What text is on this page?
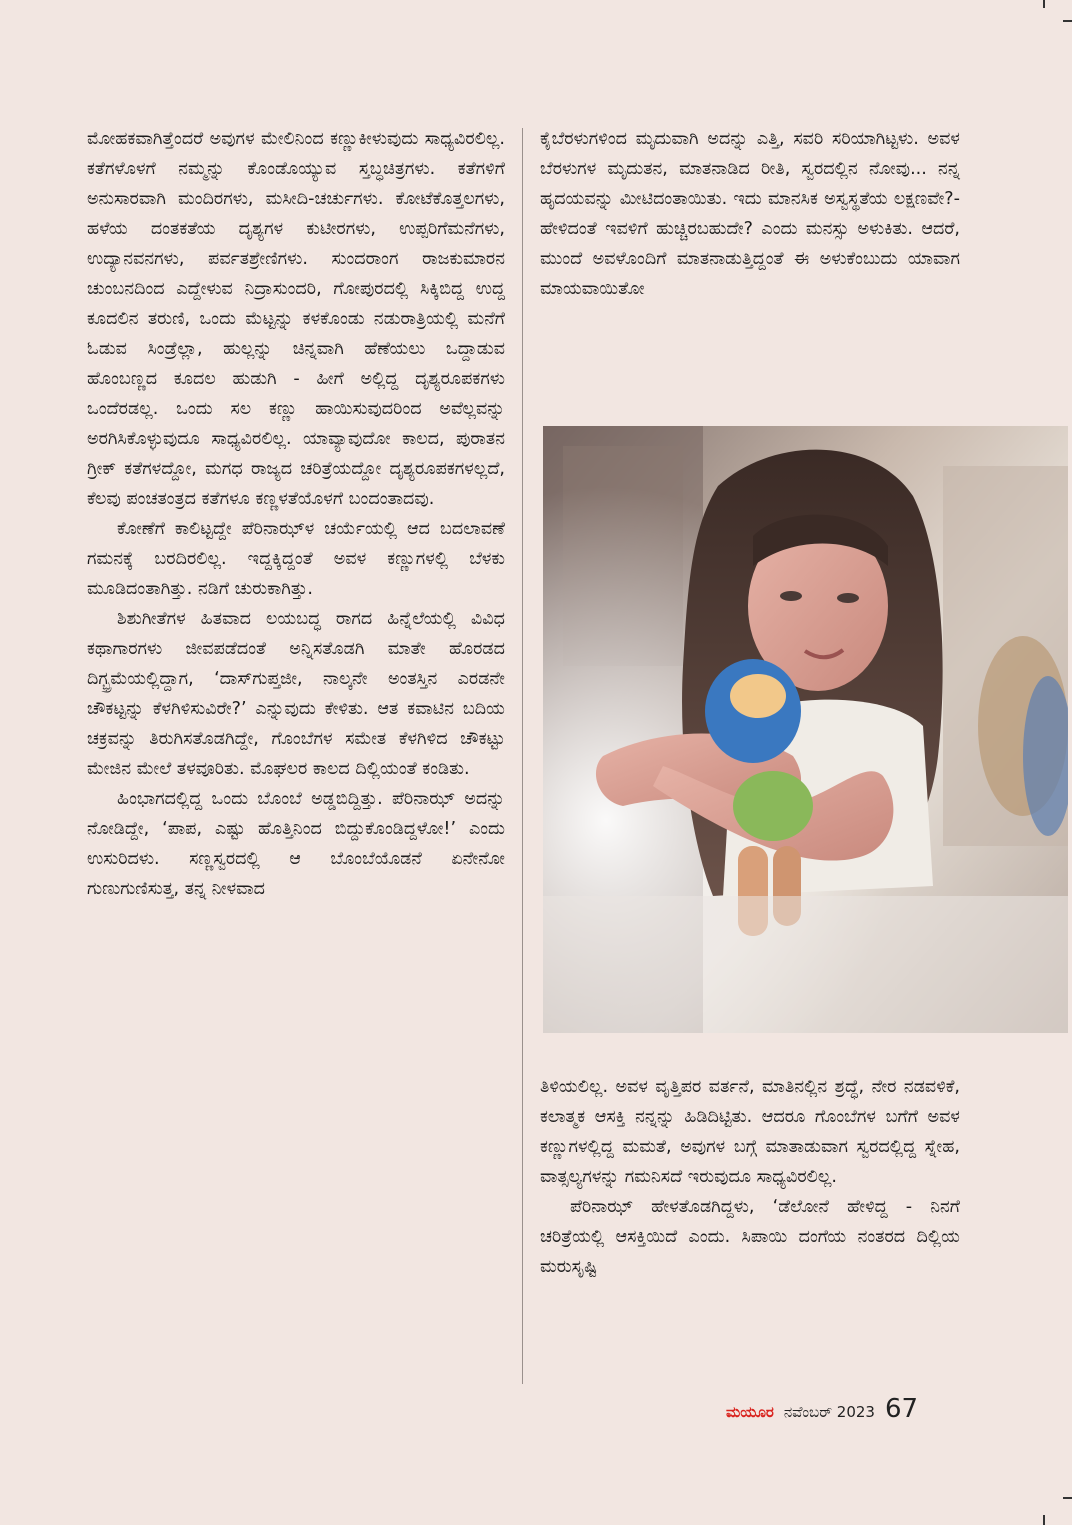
ಮೋಹಕವಾಗಿತ್ತೆಂದರೆ ಅವುಗಳ ಮೇಲಿನಿಂದ ಕಣ್ಣುಕೀಳುವುದು ಸಾಧ್ಯವಿರಲಿಲ್ಲ. ಕತೆಗಳೊಳಗೆ ನಮ್ಮನ್ನು ಕೊಂಡೊಯ್ಯುವ ಸ್ತಬ್ಧಚಿತ್ರಗಳು. ಕತೆಗಳಿಗೆ ಅನುಸಾರವಾಗಿ ಮಂದಿರಗಳು, ಮಸೀದಿ-ಚರ್ಚುಗಳು. ಕೋಟೆಕೊತ್ತಲಗಳು, ಹಳೆಯ ದಂತಕತೆಯ ದೃಶ್ಯಗಳ ಕುಟೀರಗಳು, ಉಪ್ಪರಿಗೆಮನೆಗಳು, ಉದ್ಯಾನವನಗಳು, ಪರ್ವತಶ್ರೇಣಿಗಳು. ಸುಂದರಾಂಗ ರಾಜಕುಮಾರನ ಚುಂಬನದಿಂದ ಎದ್ದೇಳುವ ನಿದ್ರಾಸುಂದರಿ, ಗೋಪುರದಲ್ಲಿ ಸಿಕ್ಕಿಬಿದ್ದ ಉದ್ದ ಕೂದಲಿನ ತರುಣಿ, ಒಂದು ಮೆಟ್ಟನ್ನು ಕಳಕೊಂಡು ನಡುರಾತ್ರಿಯಲ್ಲಿ ಮನೆಗೆ ಓಡುವ ಸಿಂಡ್ರೆಲ್ಲಾ, ಹುಲ್ಲನ್ನು ಚಿನ್ನವಾಗಿ ಹೆಣೆಯಲು ಒದ್ದಾಡುವ ಹೊಂಬಣ್ಣದ ಕೂದಲ ಹುಡುಗಿ - ಹೀಗೆ ಅಲ್ಲಿದ್ದ ದೃಶ್ಯರೂಪಕಗಳು ಒಂದೆರಡಲ್ಲ. ಒಂದು ಸಲ ಕಣ್ಣು ಹಾಯಿಸುವುದರಿಂದ ಅವೆಲ್ಲವನ್ನು ಅರಗಿಸಿಕೊಳ್ಳುವುದೂ ಸಾಧ್ಯವಿರಲಿಲ್ಲ. ಯಾವ್ಯಾವುದೋ ಕಾಲದ, ಪುರಾತನ ಗ್ರೀಕ್ ಕತೆಗಳದ್ದೋ, ಮಗಧ ರಾಜ್ಯದ ಚರಿತ್ರೆಯದ್ದೋ ದೃಶ್ಯರೂಪಕಗಳಲ್ಲದೆ, ಕೆಲವು ಪಂಚತಂತ್ರದ ಕತೆಗಳೂ ಕಣ್ಣಳತೆಯೊಳಗೆ ಬಂದಂತಾದವು.

ಕೋಣೆಗೆ ಕಾಲಿಟ್ಟದ್ದೇ ಪೆರಿನಾಝ್‌ಳ ಚರ್ಯೆಯಲ್ಲಿ ಆದ ಬದಲಾವಣೆ ಗಮನಕ್ಕೆ ಬರದಿರಲಿಲ್ಲ. ಇದ್ದಕ್ಕಿದ್ದಂತೆ ಅವಳ ಕಣ್ಣುಗಳಲ್ಲಿ ಬೆಳಕು ಮೂಡಿದಂತಾಗಿತ್ತು. ನಡಿಗೆ ಚುರುಕಾಗಿತ್ತು.

ಶಿಶುಗೀತೆಗಳ ಹಿತವಾದ ಲಯಬದ್ಧ ರಾಗದ ಹಿನ್ನೆಲೆಯಲ್ಲಿ ವಿವಿಧ ಕಥಾಗಾರಗಳು ಜೀವಪಡೆದಂತೆ ಅನ್ನಿಸತೊಡಗಿ ಮಾತೇ ಹೊರಡದ ದಿಗ್ಭ್ರಮೆಯಲ್ಲಿದ್ದಾಗ, ‘ದಾಸ್‌ಗುಪ್ತಜೀ, ನಾಲ್ಕನೇ ಅಂತಸ್ತಿನ ಎರಡನೇ ಚೌಕಟ್ಟನ್ನು ಕೆಳಗಿಳಿಸುವಿರೇ?’ ಎನ್ನುವುದು ಕೇಳಿತು. ಆತ ಕವಾಟಿನ ಬದಿಯ ಚಕ್ರವನ್ನು ತಿರುಗಿಸತೊಡಗಿದ್ದೇ, ಗೊಂಬೆಗಳ ಸಮೇತ ಕೆಳಗಿಳಿದ ಚೌಕಟ್ಟು ಮೇಜಿನ ಮೇಲೆ ತಳವೂರಿತು. ಮೊಘಲರ ಕಾಲದ ದಿಲ್ಲಿಯಂತೆ ಕಂಡಿತು.

ಹಿಂಭಾಗದಲ್ಲಿದ್ದ ಒಂದು ಬೊಂಬೆ ಅಡ್ಡಬಿದ್ದಿತ್ತು. ಪೆರಿನಾಝ್ ಅದನ್ನು ನೋಡಿದ್ದೇ, ‘ಪಾಪ, ಎಷ್ಟು ಹೊತ್ತಿನಿಂದ ಬಿದ್ದುಕೊಂಡಿದ್ದಳೋ!’ ಎಂದು ಉಸುರಿದಳು. ಸಣ್ಣಸ್ವರದಲ್ಲಿ ಆ ಬೊಂಬೆಯೊಡನೆ ಏನೇನೋ ಗುಣುಗುಣಿಸುತ್ತ, ತನ್ನ ನೀಳವಾದ

ಕೈಬೆರಳುಗಳಿಂದ ಮೃದುವಾಗಿ ಅದನ್ನು ಎತ್ತಿ, ಸವರಿ ಸರಿಯಾಗಿಟ್ಟಳು. ಅವಳ ಬೆರಳುಗಳ ಮೃದುತನ, ಮಾತನಾಡಿದ ರೀತಿ, ಸ್ವರದಲ್ಲಿನ ನೋವು... ನನ್ನ ಹೃದಯವನ್ನು ಮೀಟಿದಂತಾಯಿತು. ಇದು ಮಾನಸಿಕ ಅಸ್ವಸ್ಥತೆಯ ಲಕ್ಷಣವೇ?- ಹೇಳಿದಂತೆ ಇವಳಿಗೆ ಹುಚ್ಚಿರಬಹುದೇ? ಎಂದು ಮನಸ್ಸು ಅಳುಕಿತು. ಆದರೆ, ಮುಂದೆ ಅವಳೊಂದಿಗೆ ಮಾತನಾಡುತ್ತಿದ್ದಂತೆ ಈ ಅಳುಕೆಂಬುದು ಯಾವಾಗ ಮಾಯವಾಯಿತೋ

ತಿಳಿಯಲಿಲ್ಲ. ಅವಳ ವೃತ್ತಿಪರ ವರ್ತನೆ, ಮಾತಿನಲ್ಲಿನ ಶ್ರದ್ಧೆ, ನೇರ ನಡವಳಿಕೆ, ಕಲಾತ್ಮಕ ಆಸಕ್ತಿ ನನ್ನನ್ನು ಹಿಡಿದಿಟ್ಟಿತು. ಆದರೂ ಗೊಂಬೆಗಳ ಬಗೆಗೆ ಅವಳ ಕಣ್ಣುಗಳಲ್ಲಿದ್ದ ಮಮತೆ, ಅವುಗಳ ಬಗ್ಗೆ ಮಾತಾಡುವಾಗ ಸ್ವರದಲ್ಲಿದ್ದ ಸ್ನೇಹ, ವಾತ್ಸಲ್ಯಗಳನ್ನು ಗಮನಿಸದೆ ಇರುವುದೂ ಸಾಧ್ಯವಿರಲಿಲ್ಲ.

ಪೆರಿನಾಝ್ ಹೇಳತೊಡಗಿದ್ದಳು, ‘ಡೆಲೋನೆ ಹೇಳಿದ್ದ - ನಿನಗೆ ಚರಿತ್ರೆಯಲ್ಲಿ ಆಸಕ್ತಿಯಿದೆ ಎಂದು. ಸಿಪಾಯಿ ದಂಗೆಯ ನಂತರದ ದಿಲ್ಲಿಯ ಮರುಸೃಷ್ಟಿ

ಮಯೂರ ನವೆಂಬರ್ 2023 67
